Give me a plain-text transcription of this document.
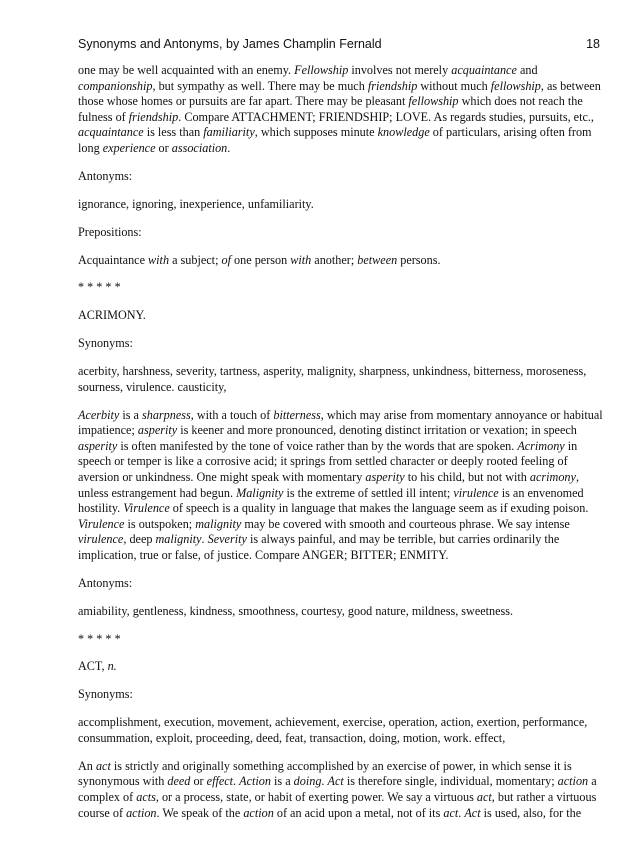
Synonyms and Antonyms, by James Champlin Fernald	18

one may be well acquainted with an enemy. Fellowship involves not merely acquaintance and companionship, but sympathy as well. There may be much friendship without much fellowship, as between those whose homes or pursuits are far apart. There may be pleasant fellowship which does not reach the fulness of friendship. Compare ATTACHMENT; FRIENDSHIP; LOVE. As regards studies, pursuits, etc., acquaintance is less than familiarity, which supposes minute knowledge of particulars, arising often from long experience or association.

Antonyms:

ignorance, ignoring, inexperience, unfamiliarity.

Prepositions:

Acquaintance with a subject; of one person with another; between persons.

* * * * *

ACRIMONY.

Synonyms:

acerbity, harshness, severity, tartness, asperity, malignity, sharpness, unkindness, bitterness, moroseness, sourness, virulence. causticity,

Acerbity is a sharpness, with a touch of bitterness, which may arise from momentary annoyance or habitual impatience; asperity is keener and more pronounced, denoting distinct irritation or vexation; in speech asperity is often manifested by the tone of voice rather than by the words that are spoken. Acrimony in speech or temper is like a corrosive acid; it springs from settled character or deeply rooted feeling of aversion or unkindness. One might speak with momentary asperity to his child, but not with acrimony, unless estrangement had begun. Malignity is the extreme of settled ill intent; virulence is an envenomed hostility. Virulence of speech is a quality in language that makes the language seem as if exuding poison. Virulence is outspoken; malignity may be covered with smooth and courteous phrase. We say intense virulence, deep malignity. Severity is always painful, and may be terrible, but carries ordinarily the implication, true or false, of justice. Compare ANGER; BITTER; ENMITY.

Antonyms:

amiability, gentleness, kindness, smoothness, courtesy, good nature, mildness, sweetness.

* * * * *

ACT, n.

Synonyms:

accomplishment, execution, movement, achievement, exercise, operation, action, exertion, performance, consummation, exploit, proceeding, deed, feat, transaction, doing, motion, work. effect,

An act is strictly and originally something accomplished by an exercise of power, in which sense it is synonymous with deed or effect. Action is a doing. Act is therefore single, individual, momentary; action a complex of acts, or a process, state, or habit of exerting power. We say a virtuous act, but rather a virtuous course of action. We speak of the action of an acid upon a metal, not of its act. Act is used, also, for the
